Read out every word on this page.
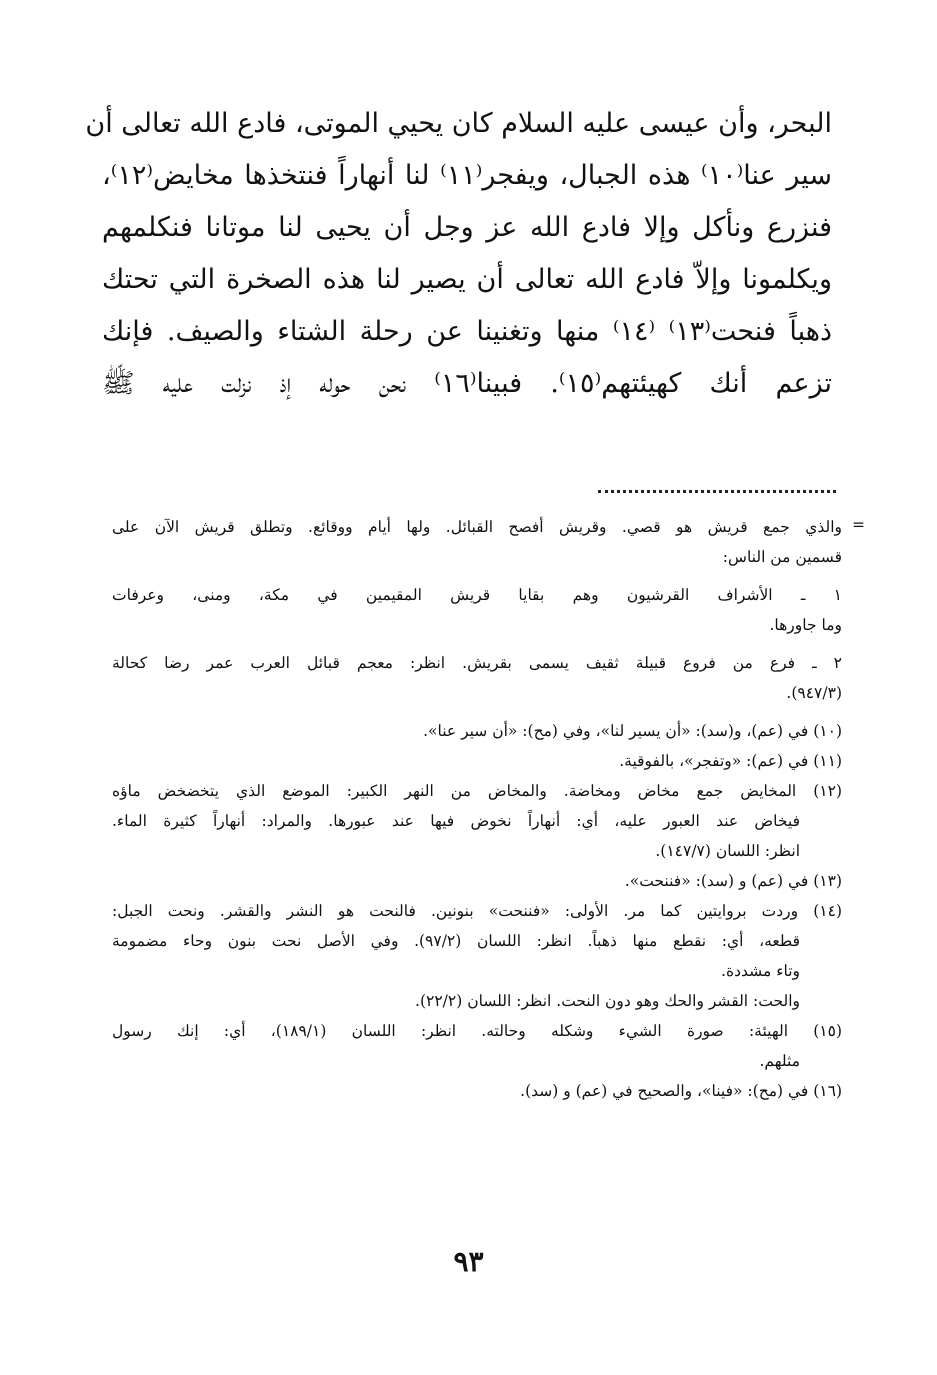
البحر، وأن عيسى عليه السلام كان يحيي الموتى، فادع الله تعالى أن
سير عنا⁽١٠⁾ هذه الجبال، ويفجر⁽١١⁾ لنا أنهاراً فنتخذها مخايض⁽١٢⁾،
فنزرع ونأكل وإلا فادع الله عز وجل أن يحيى لنا موتانا فنكلمهم
ويكلمونا وإلاّ فادع الله تعالى أن يصير لنا هذه الصخرة التي تحتك
ذهباً فنحت⁽١٣⁾ ⁽١٤⁾ منها وتغنينا عن رحلة الشتاء والصيف. فإنك
تزعم أنك كهيئتهم⁽١٥⁾. فبينا⁽١٦⁾ نحن حوله إذ نزلت عليه ﷺ
=
والذي جمع قريش هو قصي. وقريش أفصح القبائل. ولها أيام ووقائع. وتطلق قريش الآن على
قسمين من الناس:
١ ـ الأشراف القرشيون وهم بقايا قريش المقيمين في مكة، ومنى، وعرفات
وما جاورها.
٢ ـ فرع من فروع قبيلة ثقيف يسمى بقريش. انظر: معجم قبائل العرب عمر رضا كحالة
(٩٤٧/٣).
(١٠) في (عم)، و(سد): «أن يسير لنا»، وفي (مح): «أن سير عنا».
(١١) في (عم): «وتفجر»، بالفوقية.
(١٢) المخايض جمع مخاض ومخاضة. والمخاض من النهر الكبير: الموضع الذي يتخضخض ماؤه
فيخاض عند العبور عليه، أي: أنهاراً نخوض فيها عند عبورها. والمراد: أنهاراً كثيرة الماء.
انظر: اللسان (١٤٧/٧).
(١٣) في (عم) و (سد): «فننحت».
(١٤) وردت بروايتين كما مر. الأولى: «فننحت» بنونين. فالنحت هو النشر والقشر. ونحت الجبل:
قطعه، أي: نقطع منها ذهباً. انظر: اللسان (٩٧/٢). وفي الأصل نحت بنون وحاء مضمومة
وتاء مشددة.
والحت: القشر والحك وهو دون النحت. انظر: اللسان (٢٢/٢).
(١٥) الهيئة: صورة الشيء وشكله وحالته. انظر: اللسان (١٨٩/١)، أي: إنك رسول
مثلهم.
(١٦) في (مح): «فينا»، والصحيح في (عم) و (سد).
٩٣
